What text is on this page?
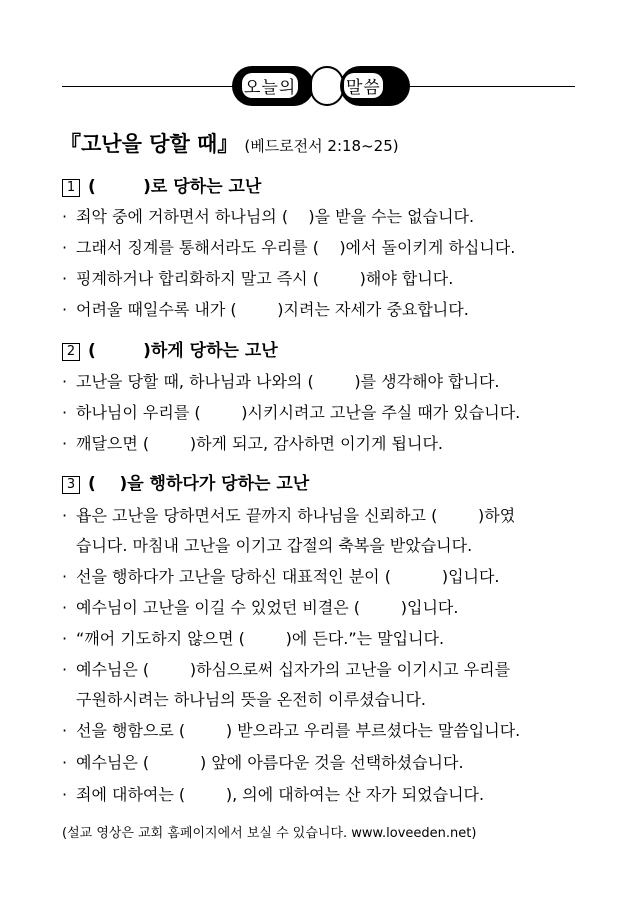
오늘의	말씀
『고난을 당할 때』 (베드로전서 2:18~25)
1 (        )로 당하는 고난
· 죄악 중에 거하면서 하나님의 (    )을 받을 수는 없습니다.
· 그래서 징계를 통해서라도 우리를 (    )에서 돌이키게 하십니다.
· 핑계하거나 합리화하지 말고 즉시 (        )해야 합니다.
· 어려울 때일수록 내가 (        )지려는 자세가 중요합니다.
2 (        )하게 당하는 고난
· 고난을 당할 때, 하나님과 나와의 (        )를 생각해야 합니다.
· 하나님이 우리를 (        )시키시려고 고난을 주실 때가 있습니다.
· 깨달으면 (        )하게 되고, 감사하면 이기게 됩니다.
3 (    )을 행하다가 당하는 고난
· 욥은 고난을 당하면서도 끝까지 하나님을 신뢰하고 (        )하였
습니다. 마침내 고난을 이기고 갑절의 축복을 받았습니다.
· 선을 행하다가 고난을 당하신 대표적인 분이 (          )입니다.
· 예수님이 고난을 이길 수 있었던 비결은 (        )입니다.
· “깨어 기도하지 않으면 (        )에 든다.”는 말입니다.
· 예수님은 (        )하심으로써 십자가의 고난을 이기시고 우리를
구원하시려는 하나님의 뜻을 온전히 이루셨습니다.
· 선을 행함으로 (        ) 받으라고 우리를 부르셨다는 말씀입니다.
· 예수님은 (          ) 앞에 아름다운 것을 선택하셨습니다.
· 죄에 대하여는 (        ), 의에 대하여는 산 자가 되었습니다.
(설교 영상은 교회 홈페이지에서 보실 수 있습니다. www.loveeden.net)
